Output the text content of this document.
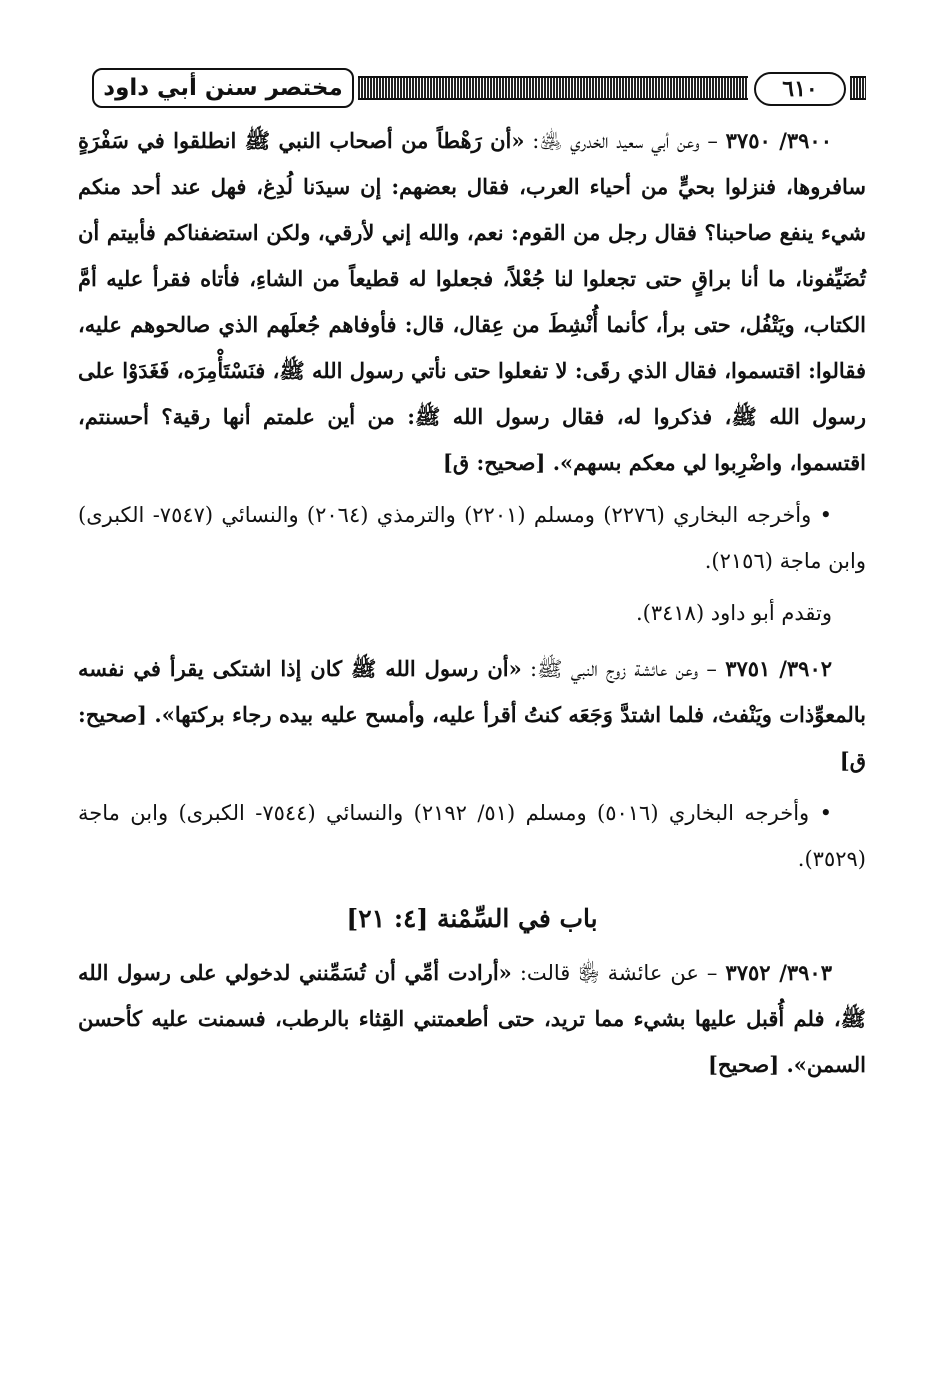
مختصر سنن أبي داود	٦١٠

٣٩٠٠/ ٣٧٥٠ – وعن أبي سعيد الخدري ﵁: «أن رَهْطاً من أصحاب النبي ﷺ انطلقوا في سَفْرَةٍ سافروها، فنزلوا بحيٍّ من أحياء العرب، فقال بعضهم: إن سيدَنا لُدِغ، فهل عند أحد منكم شيء ينفع صاحبنا؟ فقال رجل من القوم: نعم، والله إني لأرقي، ولكن استضفناكم فأبيتم أن تُضَيِّفونا، ما أنا براقٍ حتى تجعلوا لنا جُعْلاً، فجعلوا له قطيعاً من الشاءِ، فأتاه فقرأ عليه أمَّ الكتاب، ويَتْفُل، حتى برأ، كأنما أُنْشِطَ من عِقال، قال: فأوفاهم جُعلَهم الذي صالحوهم عليه، فقالوا: اقتسموا، فقال الذي رقَى: لا تفعلوا حتى نأتي رسول الله ﷺ، فنَسْتَأْمِرَه، فَغَدَوْا على رسول الله ﷺ، فذكروا له، فقال رسول الله ﷺ: من أين علمتم أنها رقية؟ أحسنتم، اقتسموا، واضْرِبوا لي معكم بسهم». [صحيح: ق]

• وأخرجه البخاري (٢٢٧٦) ومسلم (٢٢٠١) والترمذي (٢٠٦٤) والنسائي (٧٥٤٧- الكبرى) وابن ماجة (٢١٥٦).

وتقدم أبو داود (٣٤١٨).

٣٩٠٢/ ٣٧٥١ – وعن عائشة زوج النبي ﷺ: «أن رسول الله ﷺ كان إذا اشتكى يقرأ في نفسه بالمعوِّذات ويَنْفث، فلما اشتدَّ وَجَعَه كنتُ أقرأ عليه، وأمسح عليه بيده رجاء بركتها». [صحيح: ق]

• وأخرجه البخاري (٥٠١٦) ومسلم (٥١/ ٢١٩٢) والنسائي (٧٥٤٤- الكبرى) وابن ماجة (٣٥٢٩).

باب في السِّمْنة [٤: ٢١]

٣٩٠٣/ ٣٧٥٢ – عن عائشة ﵂ قالت: «أرادت أمِّي أن تُسَمِّنني لدخولي على رسول الله ﷺ، فلم أُقبل عليها بشيء مما تريد، حتى أطعمتني القِثاء بالرطب، فسمنت عليه كأحسن السمن». [صحيح]
